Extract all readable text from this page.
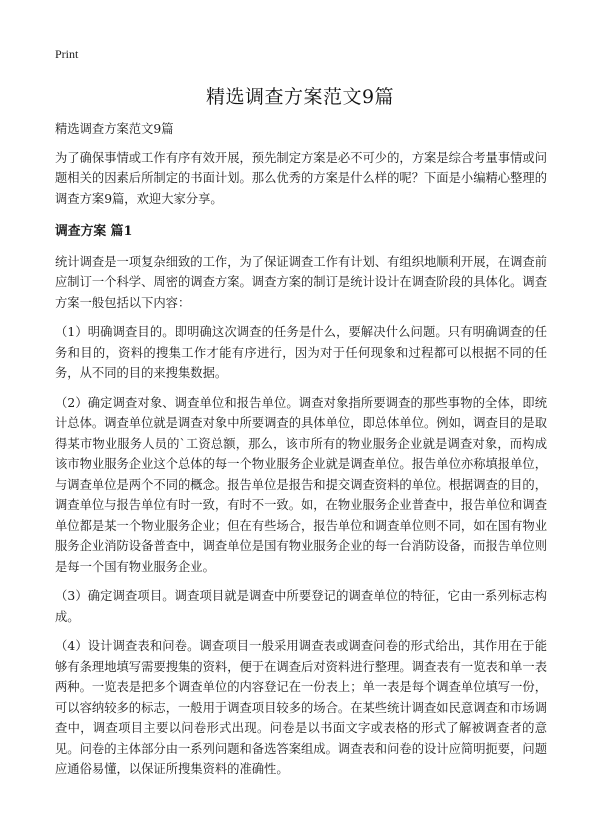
Print
精选调查方案范文9篇

精选调查方案范文9篇

为了确保事情或工作有序有效开展，预先制定方案是必不可少的，方案是综合考量事情或问题相关的因素后所制定的书面计划。那么优秀的方案是什么样的呢？下面是小编精心整理的调查方案9篇，欢迎大家分享。

调查方案 篇1

统计调查是一项复杂细致的工作，为了保证调查工作有计划、有组织地顺利开展，在调查前应制订一个科学、周密的调查方案。调查方案的制订是统计设计在调查阶段的具体化。调查方案一般包括以下内容：

（1）明确调查目的。即明确这次调查的任务是什么，要解决什么问题。只有明确调查的任务和目的，资料的搜集工作才能有序进行，因为对于任何现象和过程都可以根据不同的任务，从不同的目的来搜集数据。

（2）确定调查对象、调查单位和报告单位。调查对象指所要调查的那些事物的全体，即统计总体。调查单位就是调查对象中所要调查的具体单位，即总体单位。例如，调查目的是取得某市物业服务人员的`工资总额，那么，该市所有的物业服务企业就是调查对象，而构成该市物业服务企业这个总体的每一个物业服务企业就是调查单位。报告单位亦称填报单位，与调查单位是两个不同的概念。报告单位是报告和提交调查资料的单位。根据调查的目的，调查单位与报告单位有时一致，有时不一致。如，在物业服务企业普查中，报告单位和调查单位都是某一个物业服务企业；但在有些场合，报告单位和调查单位则不同，如在国有物业服务企业消防设备普查中，调查单位是国有物业服务企业的每一台消防设备，而报告单位则是每一个国有物业服务企业。

（3）确定调查项目。调查项目就是调查中所要登记的调查单位的特征，它由一系列标志构成。

（4）设计调查表和问卷。调查项目一般采用调查表或调查问卷的形式给出，其作用在于能够有条理地填写需要搜集的资料，便于在调查后对资料进行整理。调查表有一览表和单一表两种。一览表是把多个调查单位的内容登记在一份表上；单一表是每个调查单位填写一份，可以容纳较多的标志，一般用于调查项目较多的场合。在某些统计调查如民意调查和市场调查中，调查项目主要以问卷形式出现。问卷是以书面文字或表格的形式了解被调查者的意见。问卷的主体部分由一系列问题和备选答案组成。调查表和问卷的设计应简明扼要，问题应通俗易懂，以保证所搜集资料的准确性。
